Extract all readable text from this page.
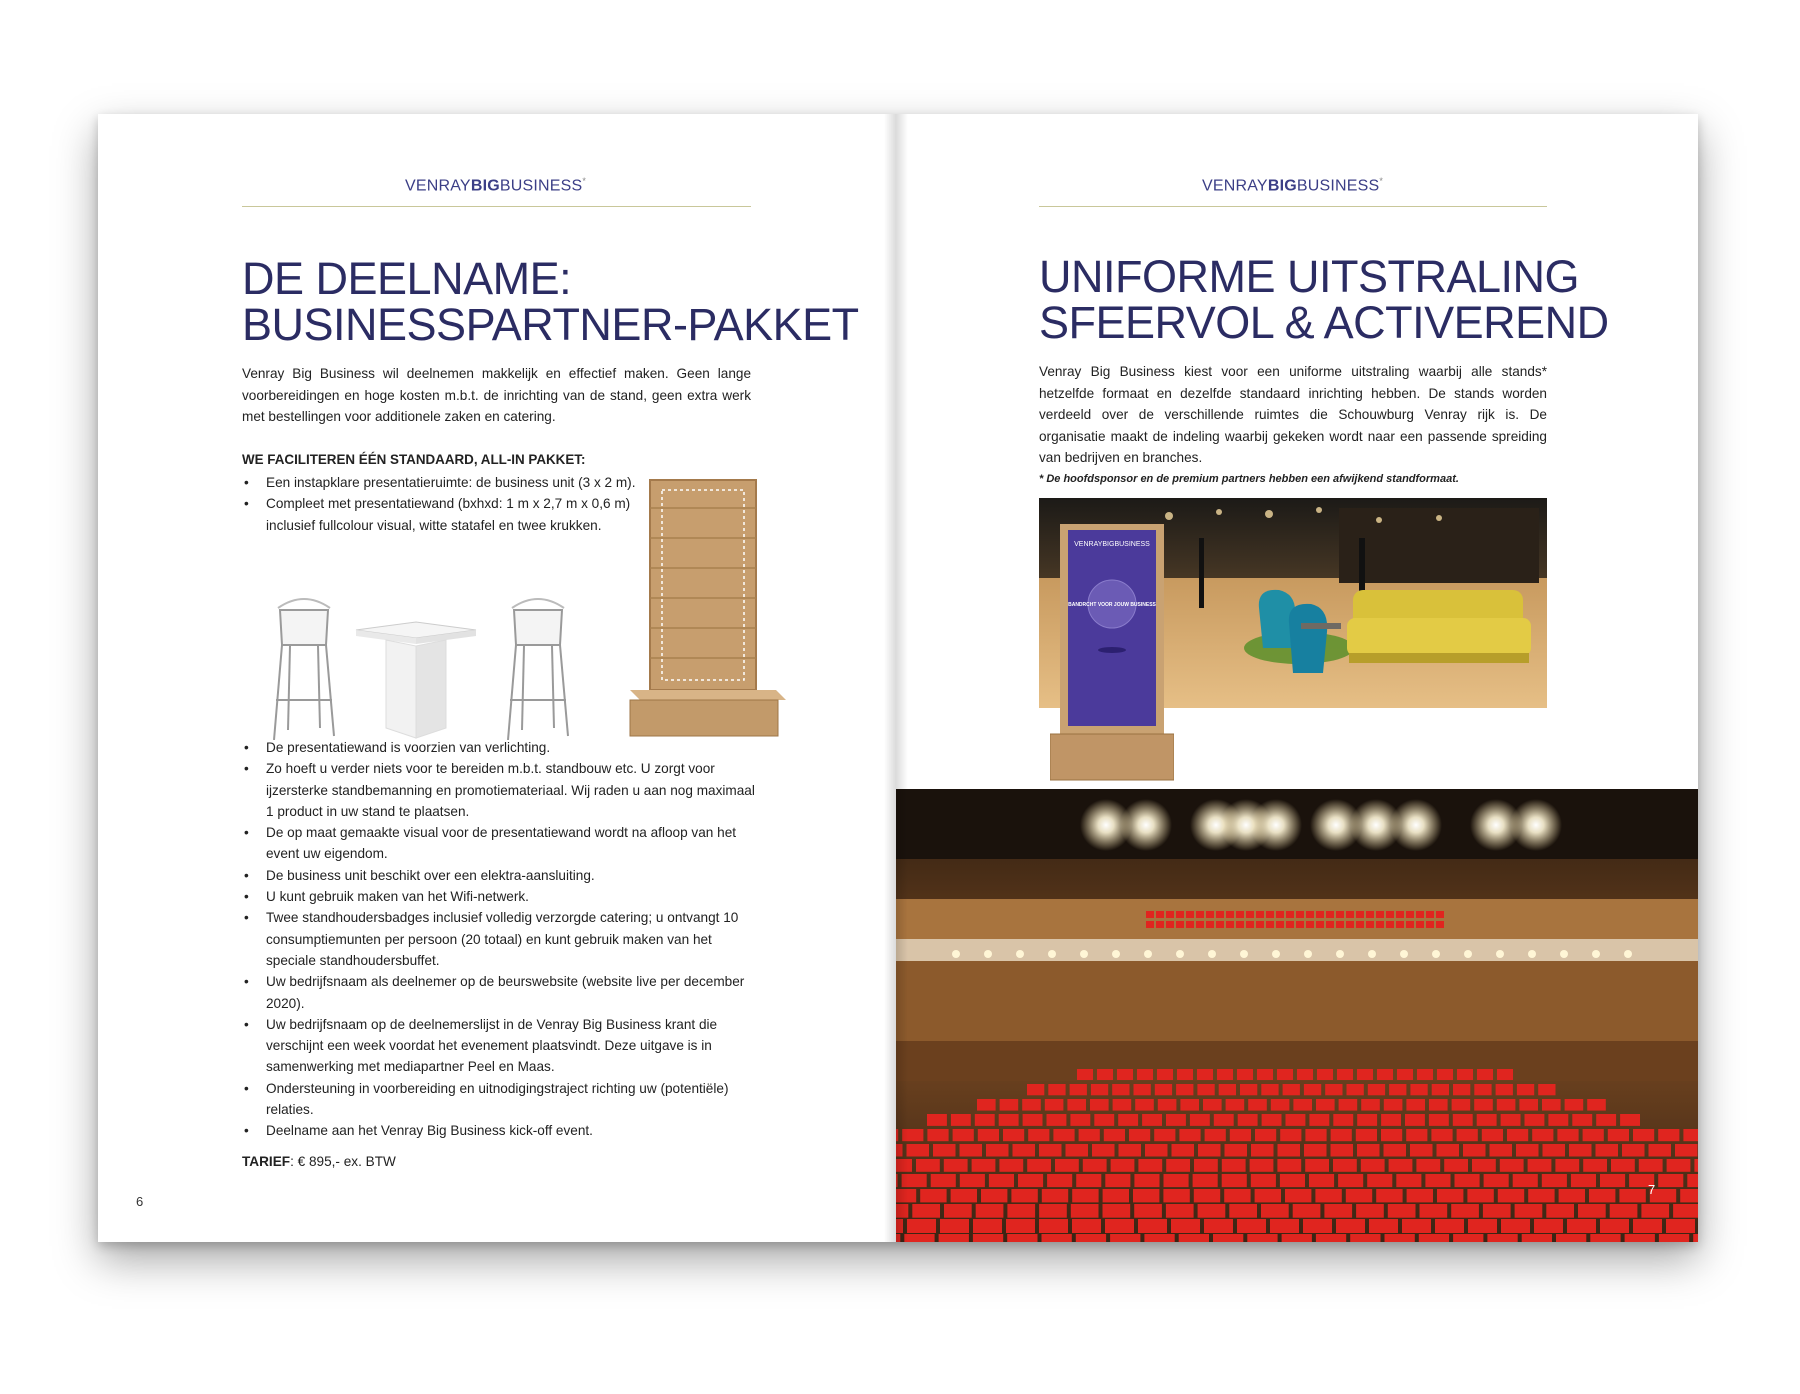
VENRAYBIGBUSINESS*
DE DEELNAME:
BUSINESSPARTNER-PAKKET

Venray Big Business wil deelnemen makkelijk en effectief maken. Geen lange voorbereidingen en hoge kosten m.b.t. de inrichting van de stand, geen extra werk met bestellingen voor additionele zaken en catering.

WE FACILITEREN ÉÉN STANDAARD, ALL-IN PAKKET:

• Een instapklare presentatieruimte: de business unit (3 x 2 m).
• Compleet met presentatiewand (bxhxd: 1 m x 2,7 m x 0,6 m) inclusief fullcolour visual, witte statafel en twee krukken.
• De presentatiewand is voorzien van verlichting.
• Zo hoeft u verder niets voor te bereiden m.b.t. standbouw etc. U zorgt voor ijzersterke standbemanning en promotiemateriaal. Wij raden u aan nog maximaal 1 product in uw stand te plaatsen.
• De op maat gemaakte visual voor de presentatiewand wordt na afloop van het event uw eigendom.
• De business unit beschikt over een elektra-aansluiting.
• U kunt gebruik maken van het Wifi-netwerk.
• Twee standhoudersbadges inclusief volledig verzorgde catering; u ontvangt 10 consumptiemunten per persoon (20 totaal) en kunt gebruik maken van het speciale standhoudersbuffet.
• Uw bedrijfsnaam als deelnemer op de beurswebsite (website live per december 2020).
• Uw bedrijfsnaam op de deelnemerslijst in de Venray Big Business krant die verschijnt een week voordat het evenement plaatsvindt. Deze uitgave is in samenwerking met mediapartner Peel en Maas.
• Ondersteuning in voorbereiding en uitnodigingstraject richting uw (potentiële) relaties.
• Deelname aan het Venray Big Business kick-off event.
TARIEF: € 895,- ex. BTW
6
VENRAYBIGBUSINESS*
UNIFORME UITSTRALING
SFEERVOL & ACTIVEREND

Venray Big Business kiest voor een uniforme uitstraling waarbij alle stands* hetzelfde formaat en dezelfde standaard inrichting hebben. De stands worden verdeeld over de verschillende ruimtes die Schouwburg Venray rijk is. De organisatie maakt de indeling waarbij gekeken wordt naar een passende spreiding van bedrijven en branches.

* De hoofdsponsor en de premium partners hebben een afwijkend standformaat.
VENRAYBIGBUSINESS
BANDRCHT VOOR JOUW BUSINESS
7
